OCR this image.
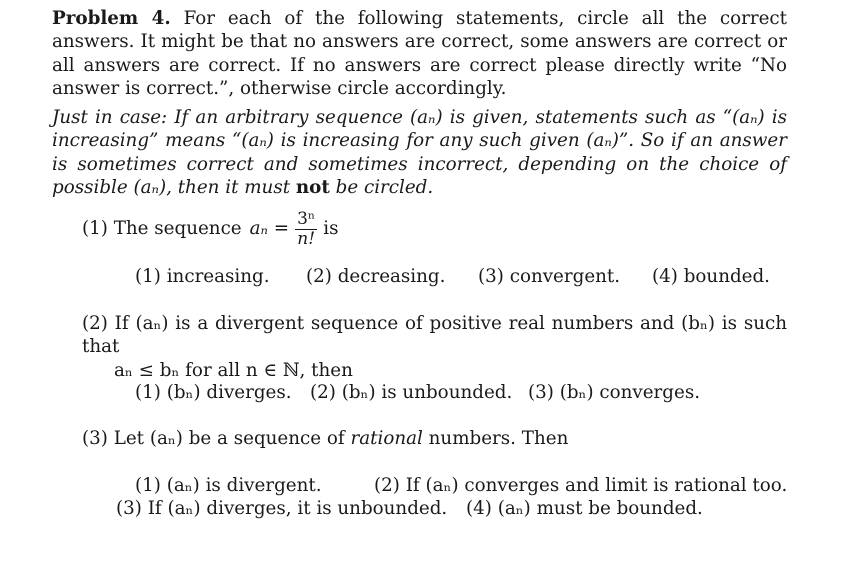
Problem 4. For each of the following statements, circle all the correct answers. It might be that no answers are correct, some answers are correct or all answers are correct. If no answers are correct please directly write “No answer is correct.”, otherwise circle accordingly.
Just in case: If an arbitrary sequence (aₙ) is given, statements such as “(aₙ) is increasing” means “(aₙ) is increasing for any such given (aₙ)”. So if an answer is sometimes correct and sometimes incorrect, depending on the choice of possible (aₙ), then it must not be circled.
(1) The sequence $a_n = \frac{\text{3ⁿ}}{n!}$ is
(1) increasing. (2) decreasing. (3) convergent. (4) bounded.
(2) If (aₙ) is a divergent sequence of positive real numbers and (bₙ) is such that
aₙ ≤ bₙ for all n ∈ ℕ, then
(1) (bₙ) diverges. (2) (bₙ) is unbounded. (3) (bₙ) converges.
(3) Let (aₙ) be a sequence of rational numbers. Then
(1) (aₙ) is divergent.	(2) If (aₙ) converges and limit is rational too.
(3) If (aₙ) diverges, it is unbounded. (4) (aₙ) must be bounded.
